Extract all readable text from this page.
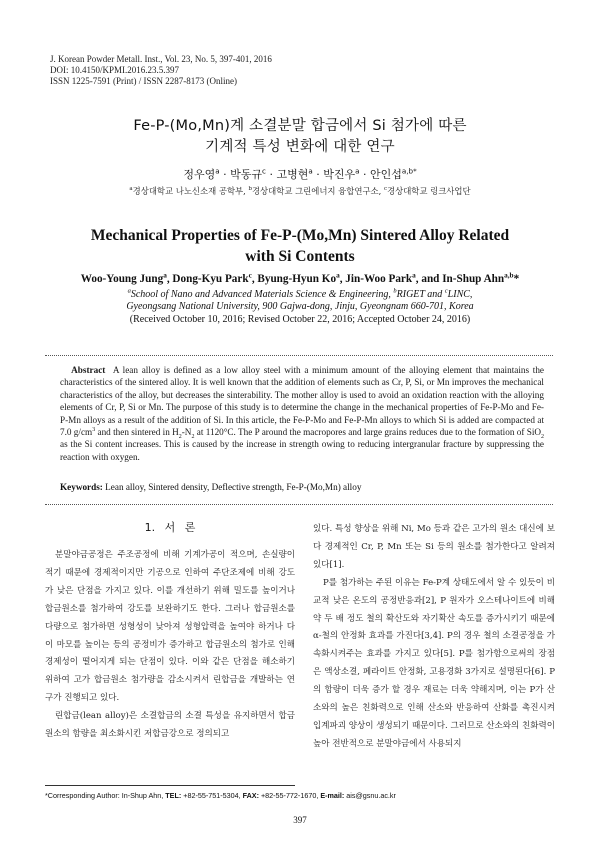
J. Korean Powder Metall. Inst., Vol. 23, No. 5, 397-401, 2016
DOI: 10.4150/KPMI.2016.23.5.397
ISSN 1225-7591 (Print) / ISSN 2287-8173 (Online)
Fe-P-(Mo,Mn)계 소결분말 합금에서 Si 첨가에 따른
기계적 특성 변화에 대한 연구
정우영$^a$ · 박동규$^c$ · 고병현$^a$ · 박진우$^a$ · 안인섭$^{a,b*}$
$^a$경상대학교 나노신소재 공학부, $^b$경상대학교 그린에너지 융합연구소, $^c$경상대학교 링크사업단
Mechanical Properties of Fe-P-(Mo,Mn) Sintered Alloy Related
with Si Contents
Woo-Young Jung$^a$, Dong-Kyu Park$^c$, Byung-Hyun Ko$^a$, Jin-Woo Park$^a$, and In-Shup Ahn$^{a,b}$*
$^a$School of Nano and Advanced Materials Science & Engineering, $^b$RIGET and $^c$LINC,
Gyeongsang National University, 900 Gajwa-dong, Jinju, Gyeongnam 660-701, Korea
(Received October 10, 2016; Revised October 22, 2016; Accepted October 24, 2016)
Abstract A lean alloy is defined as a low alloy steel with a minimum amount of the alloying element that maintains the characteristics of the sintered alloy. It is well known that the addition of elements such as Cr, P, Si, or Mn improves the mechanical characteristics of the alloy, but decreases the sinterability. The mother alloy is used to avoid an oxidation reaction with the alloying elements of Cr, P, Si or Mn. The purpose of this study is to determine the change in the mechanical properties of Fe-P-Mo and Fe-P-Mn alloys as a result of the addition of Si. In this article, the Fe-P-Mo and Fe-P-Mn alloys to which Si is added are compacted at 7.0 $g/cm^3$ and then sintered in $H_2-N_2$ at 1120°C. The P around the macropores and large grains reduces due to the formation of SiO$_2$ as the Si content increases. This is caused by the increase in strength owing to reducing intergranular fracture by suppressing the reaction with oxygen.
Keywords: Lean alloy, Sintered density, Deflective strength, Fe-P-(Mo,Mn) alloy
1. 서 론

분말야금공정은 주조공정에 비해 기계가공이 적으며, 손실량이 적기 때문에 경제적이지만 기공으로 인하여 주단조제에 비해 강도가 낮은 단점을 가지고 있다. 이를 개선하기 위해 밀도를 높이거나 합금원소를 첨가하여 강도를 보완하기도 한다. 그러나 합금원소를 다량으로 첨가하면 성형성이 낮아져 성형압력을 높여야 하거나 다이 마모를 높이는 등의 공정비가 증가하고 합금원소의 첨가로 인해 경제성이 떨어지게 되는 단점이 있다. 이와 같은 단점을 해소하기 위하여 고가 합금원소 첨가량을 감소시켜서 린합금을 개발하는 연구가 진행되고 있다.

린합금(lean alloy)은 소결합금의 소결 특성을 유지하면서 합금원소의 함량을 최소화시킨 저합금강으로 정의되고

있다. 특성 향상을 위해 Ni, Mo 등과 같은 고가의 원소 대신에 보다 경제적인 Cr, P, Mn 또는 Si 등의 원소를 첨가한다고 알려져 있다[1].

P를 첨가하는 주된 이유는 Fe-P계 상태도에서 알 수 있듯이 비교적 낮은 온도의 공정반응과[2], P 원자가 오스테나이트에 비해 약 두 배 정도 철의 확산도와 자기확산 속도를 증가시키기 때문에 α-철의 안정화 효과를 가진다[3,4]. P의 경우 철의 소결공정을 가속화시켜주는 효과를 가지고 있다[5]. P를 첨가함으로써의 장점은 액상소결, 페라이트 안정화, 고용경화 3가지로 설명된다[6]. P의 함량이 더욱 증가 할 경우 재료는 더욱 약해지며, 이는 P가 산소와의 높은 친화력으로 인해 산소와 반응하여 산화를 촉진시켜 입계파괴 양상이 생성되기 때문이다. 그러므로 산소와의 친화력이 높아 전반적으로 분말야금에서 사용되지

*Corresponding Author: In-Shup Ahn, TEL: +82-55-751-5304, FAX: +82-55-772-1670, E-mail: ais@gsnu.ac.kr
397
